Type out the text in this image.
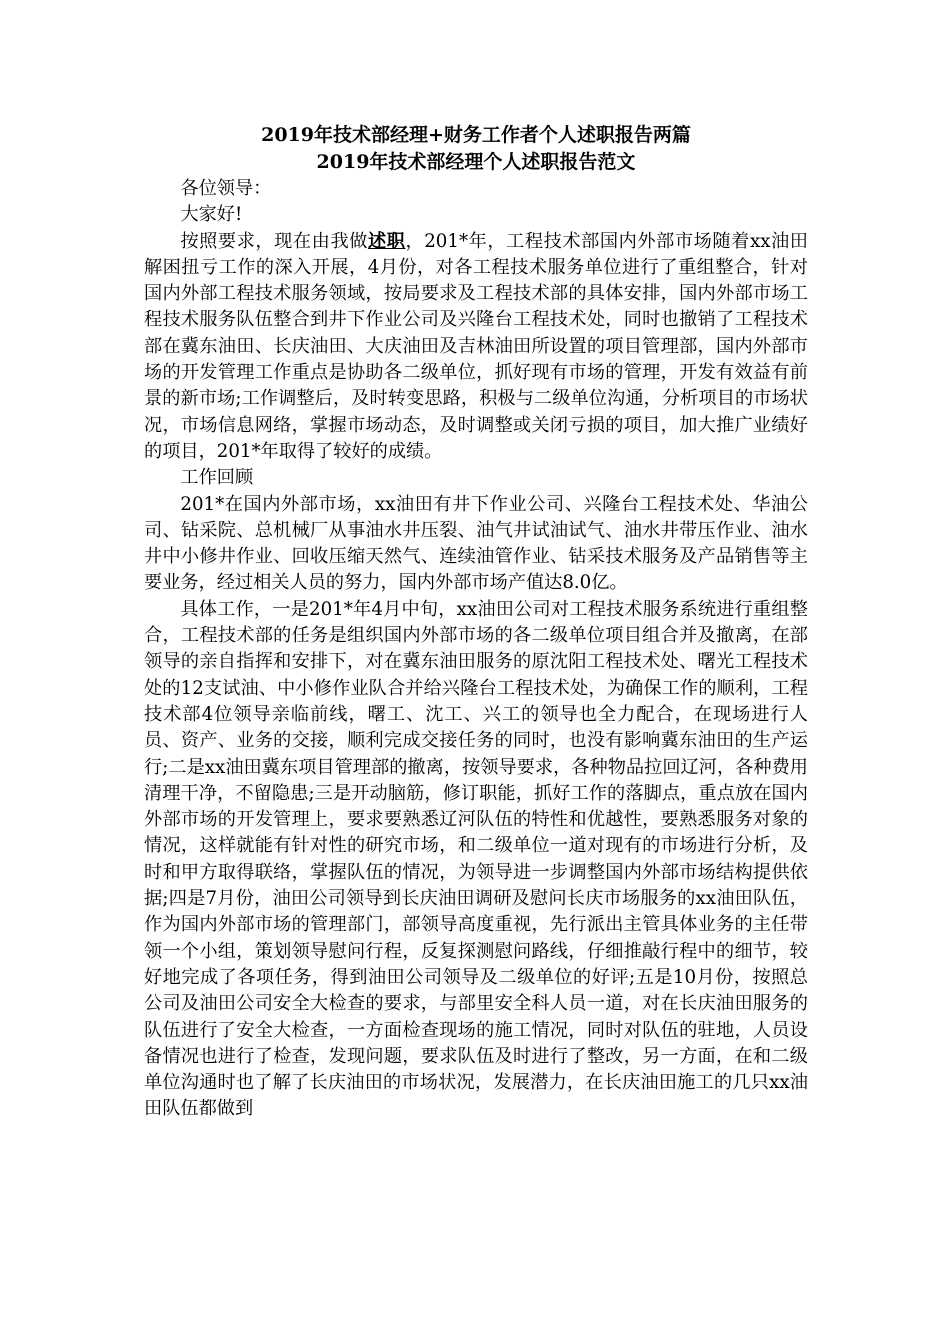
2019年技术部经理+财务工作者个人述职报告两篇

2019年技术部经理个人述职报告范文

各位领导：

大家好!

按照要求，现在由我做述职，201*年，工程技术部国内外部市场随着xx油田解困扭亏工作的深入开展，4月份，对各工程技术服务单位进行了重组整合，针对国内外部工程技术服务领域，按局要求及工程技术部的具体安排，国内外部市场工程技术服务队伍整合到井下作业公司及兴隆台工程技术处，同时也撤销了工程技术部在冀东油田、长庆油田、大庆油田及吉林油田所设置的项目管理部，国内外部市场的开发管理工作重点是协助各二级单位，抓好现有市场的管理，开发有效益有前景的新市场;工作调整后，及时转变思路，积极与二级单位沟通，分析项目的市场状况，市场信息网络，掌握市场动态，及时调整或关闭亏损的项目，加大推广业绩好的项目，201*年取得了较好的成绩。

工作回顾

201*在国内外部市场，xx油田有井下作业公司、兴隆台工程技术处、华油公司、钻采院、总机械厂从事油水井压裂、油气井试油试气、油水井带压作业、油水井中小修井作业、回收压缩天然气、连续油管作业、钻采技术服务及产品销售等主要业务，经过相关人员的努力，国内外部市场产值达8.0亿。

具体工作，一是201*年4月中旬，xx油田公司对工程技术服务系统进行重组整合，工程技术部的任务是组织国内外部市场的各二级单位项目组合并及撤离，在部领导的亲自指挥和安排下，对在冀东油田服务的原沈阳工程技术处、曙光工程技术处的12支试油、中小修作业队合并给兴隆台工程技术处，为确保工作的顺利，工程技术部4位领导亲临前线，曙工、沈工、兴工的领导也全力配合，在现场进行人员、资产、业务的交接，顺利完成交接任务的同时，也没有影响冀东油田的生产运行;二是xx油田冀东项目管理部的撤离，按领导要求，各种物品拉回辽河，各种费用清理干净，不留隐患;三是开动脑筋，修订职能，抓好工作的落脚点，重点放在国内外部市场的开发管理上，要求要熟悉辽河队伍的特性和优越性，要熟悉服务对象的情况，这样就能有针对性的研究市场，和二级单位一道对现有的市场进行分析，及时和甲方取得联络，掌握队伍的情况，为领导进一步调整国内外部市场结构提供依据;四是7月份，油田公司领导到长庆油田调研及慰问长庆市场服务的xx油田队伍，作为国内外部市场的管理部门，部领导高度重视，先行派出主管具体业务的主任带领一个小组，策划领导慰问行程，反复探测慰问路线，仔细推敲行程中的细节，较好地完成了各项任务，得到油田公司领导及二级单位的好评;五是10月份，按照总公司及油田公司安全大检查的要求，与部里安全科人员一道，对在长庆油田服务的队伍进行了安全大检查，一方面检查现场的施工情况，同时对队伍的驻地，人员设备情况也进行了检查，发现问题，要求队伍及时进行了整改，另一方面，在和二级单位沟通时也了解了长庆油田的市场状况，发展潜力，在长庆油田施工的几只xx油田队伍都做到
